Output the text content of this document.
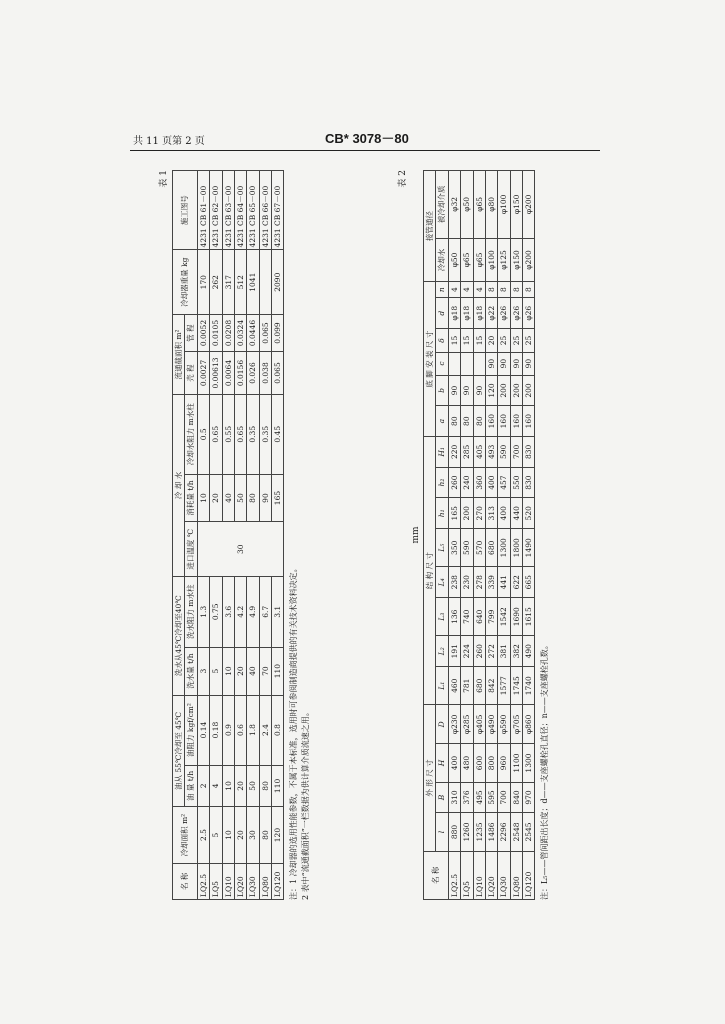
共 11 页第 2 页	CB* 3078－80
表 1
名 称	冷却面积 m²	油从 55℃冷却至 45℃		洗水从45℃冷却至40℃		冷 却 水			流通截面积 m²		冷却器重量 kg	施工图号
		油 量 t/h	油阻力 kgf/cm²	洗水量 t/h	洗水阻力 m水柱	进口温度 ℃	消耗量 t/h	冷却水阻力 m水柱	壳 程	管 程		
LQ2.5	2.5	2	0.14	3	1.3	30	10	0.5	0.0027	0.0052	170	4231 CB 61－00
LQ5	5	4	0.18	5	0.75		20	0.65	0.00613	0.0105	262	4231 CB 62－00
LQ10	10	10	0.9	10	3.6		40	0.55	0.0064	0.0208	317	4231 CB 63－00
LQ20	20	20	0.6	20	4.2		50	0.65	0.0156	0.0324	512	4231 CB 64－00
LQ30	30	50	1.8	40	4.9		80	0.35	0.026	0.0446	1041	4231 CB 65－00
LQ80	80	80	2.4	70	6.7		90	0.35	0.038	0.065		4231 CB 66－00
LQ120	120	110	0.8	110	3.1		165	0.45	0.065	0.099	2090	4231 CB 67－00
注：1 冷却器的选用性能参数，不属于本标准，选用时可参阅制造商提供的有关技术资料决定。 2 表中“流通截面积”一栏数据为供计算介质流速之用。
表 2
mm
名 称	外 形 尺 寸				结 构 尺 寸								底 脚 安 装 尺 寸						接管通径	
	l	B	H	D	L₁	L₂	L₃	L₄	L₅	h₁	h₂	H₁	a	b	c	δ	d	n	冷却水	被冷却介质
LQ2.5	880	310	400	φ230	460	191	136	238	350	165	260	220	80	90		15	φ18	4	φ50	φ32
LQ5	1260	376	480	φ285	781	224	740	230	590	200	240	285	80	90		15	φ18	4	φ65	φ50
LQ10	1235	495	600	φ405	680	260	640	278	570	270	360	405	80	90		15	φ18	4	φ65	φ65
LQ20	1486	595	800	φ490	842	272	799	339	680	313	400	493	160	120	90	20	φ22	8	φ100	φ80
LQ30	2296	700	960	φ590	1577	381	1542	441	1300	400	457	590	160	200	90	25	φ26	8	φ125	φ100
LQ80	2548	840	1100	φ705	1745	382	1690	622	1800	440	550	700	160	200	90	25	φ26	8	φ150	φ150
LQ120	2545	970	1300	φ860	1740	490	1615	665	1490	520	830	830	160	200	90	25	φ26	8	φ200	φ200
注：L₅——管间距出长度；d——支座螺栓孔直径；n——支座螺栓孔数。
